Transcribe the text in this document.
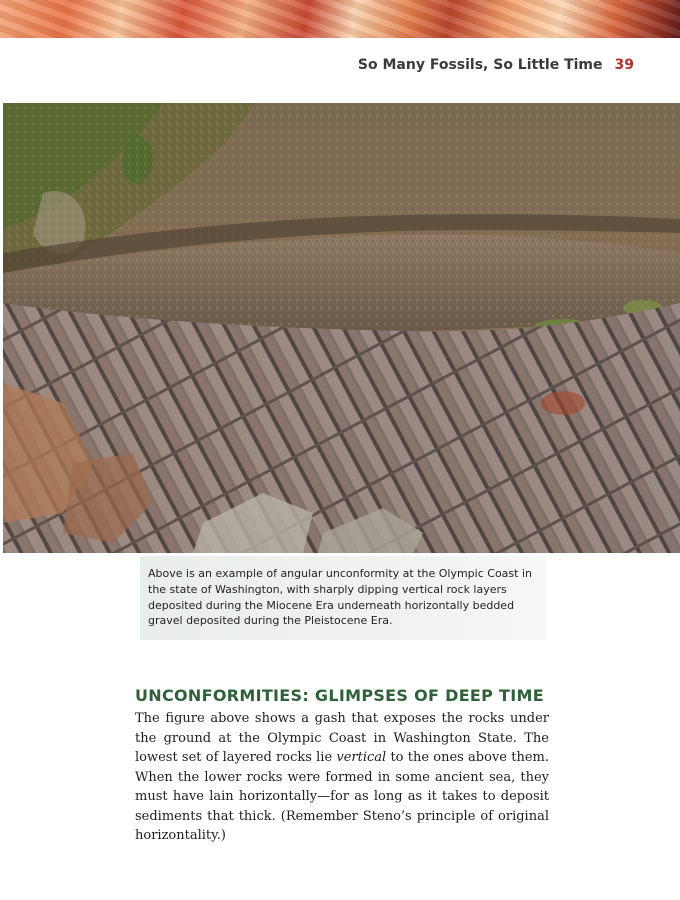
So Many Fossils, So Little Time 39

Above is an example of angular unconformity at the Olympic Coast in the state of Washington, with sharply dipping vertical rock layers deposited during the Miocene Era underneath horizontally bedded gravel deposited during the Pleistocene Era.

UNCONFORMITIES: GLIMPSES OF DEEP TIME

The figure above shows a gash that exposes the rocks under the ground at the Olympic Coast in Washington State. The lowest set of layered rocks lie vertical to the ones above them. When the lower rocks were formed in some ancient sea, they must have lain horizontally—for as long as it takes to deposit sediments that thick. (Remember Steno’s principle of original horizontality.)
